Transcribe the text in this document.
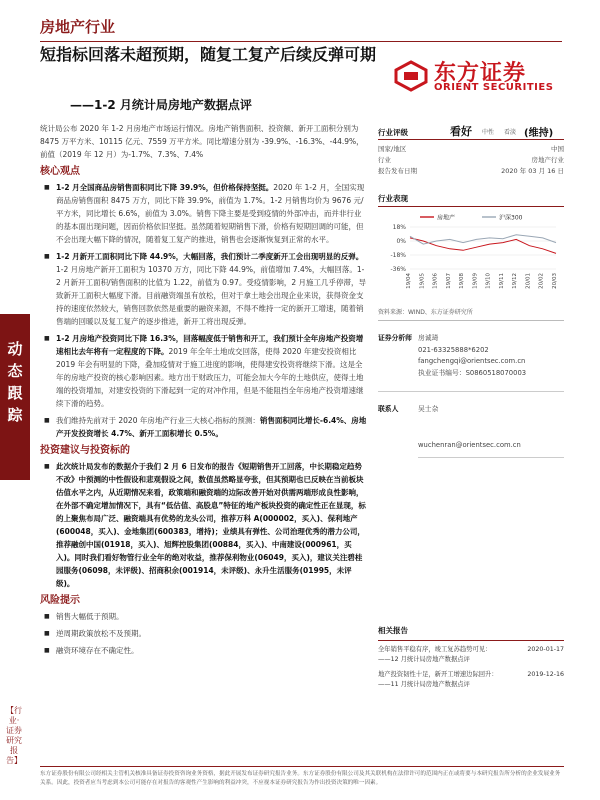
房地产行业
短指标回落未超预期，随复工复产后续反弹可期
——1-2 月统计局房地产数据点评
东方证券
ORIENT SECURITIES
动态跟踪
【行业·证券研究报告】
统计局公布 2020 年 1-2 月房地产市场运行情况。房地产销售面积、投资额、新开工面积分别为 8475 万平方米、10115 亿元、7559 万平方米。同比增速分别为 -39.9%、-16.3%、-44.9%，前值（2019 年 12 月）为-1.7%、7.3%、7.4%
核心观点
■ 1-2 月全国商品房销售面积同比下降 39.9%，但价格保持坚挺。2020 年 1-2 月，全国实现商品房销售面积 8475 万方，同比下降 39.9%，前值为 1.7%。1-2 月销售均价为 9676 元/平方米，同比增长 6.6%，前值为 3.0%。销售下降主要是受到疫情的外部冲击，而并非行业的基本面出现问题，因而价格依旧坚挺。虽然随着短期销售下滑，价格有短期回调的可能，但不会出现大幅下降的情况，随着复工复产的推进，销售也会逐渐恢复到正常的水平。
■ 1-2 月新开工面积同比下降 44.9%，大幅回落，我们预计二季度新开工会出现明显的反弹。1-2 月房地产新开工面积为 10370 万方，同比下降 44.9%，前值增加 7.4%，大幅回落。1-2 月新开工面积/销售面积的比值为 1.22，前值为 0.97。受疫情影响，2 月施工几乎停滞，导致新开工面积大幅度下滑。目前融资端虽有放松，但对于拿土地会出现企业来说，获得资金支持的速度依然较大，销售回款依然是重要的融资来源，不得不维持一定的新开工增速，随着销售端的回暖以及复工复产的逐步推进，新开工将出现反弹。
■ 1-2 月房地产投资同比下降 16.3%，回落幅度低于销售和开工，我们预计全年房地产投资增速相比去年将有一定程度的下降。2019 年全年土地成交回落，使得 2020 年建安投资相比 2019 年会有明显的下降，叠加疫情对于施工进度的影响，使得建安投资将继续下滑。这是全年的房地产投资的核心影响因素。地方出于财政压力，可能会加大今年的土地供应，使得土地端的投资增加，对建安投资的下滑起到一定的对冲作用，但是不能阻挡全年房地产投资增速继续下滑的趋势。
■ 我们维持先前对于 2020 年房地产行业三大核心指标的预测：销售面积同比增长-6.4%、房地产开发投资增长 4.7%、新开工面积增长 0.5%。
投资建议与投资标的
■ 此次统计局发布的数据介于我们 2 月 6 日发布的报告《短期销售开工回落，中长期稳定趋势不改》中预测的中性假设和悲观假设之间，数值虽然略显夸张，但其预期也已反映在当前板块估值水平之内，从近期情况来看，政策端和融资端的边际改善开始对供需两端形成良性影响，在外部不确定增加情况下，具有“低估值、高股息”特征的地产板块投资的确定性正在显现，标的上聚焦布局广泛、融资端具有优势的龙头公司，推荐万科 A(000002，买入)、保利地产(600048，买入)、金地集团(600383，增持)；业绩具有弹性、公司治理优秀的潜力公司，推荐融创中国(01918，买入)、旭辉控股集团(00884，买入)、中南建设(000961，买入)。同时我们看好物管行业全年的绝对收益，推荐保利物业(06049，买入)，建议关注碧桂园服务(06098，未评级)、招商积余(001914，未评级)、永升生活服务(01995，未评级)。
风险提示
■ 销售大幅低于预期。
■ 逆周期政策放松不及预期。
■ 融资环境存在不确定性。
行业评级	看好 中性 看淡 (维持)
国家/地区	中国
行业	房地产行业
报告发布日期	2020 年 03 月 16 日
行业表现
房地产	沪深300
18%
0%
-18%
-36%
19/04 19/05 19/06 19/07 19/08 19/09 19/10 19/11 19/12 20/01 20/02 20/03
资料来源：WIND、东方证券研究所
证券分析师 房诚琦
021-63325888*6202
fangchengqi@orientsec.com.cn
执业证书编号：S0860518070003
联系人	吴士杂
wuchenran@orientsec.com.cn
相关报告
全年销售平稳有序，竣工复苏趋势可见：	2020-01-17
——12 月统计局房地产数据点评
地产投资韧性十足，新开工增速边际回升：	2019-12-16
——11 月统计局房地产数据点评
东方证券股份有限公司经相关主管机关核准具备证券投资咨询业务资格，据此开展发布证券研究报告业务。东方证券股份有限公司及其关联机构在法律许可的范围内正在或将要与本研究报告所分析的企业发展业务关系。因此，投资者应当考虑到本公司可能存在对报告的客观性产生影响的利益冲突，不应视本证券研究报告为作出投资决策的唯一因素。
